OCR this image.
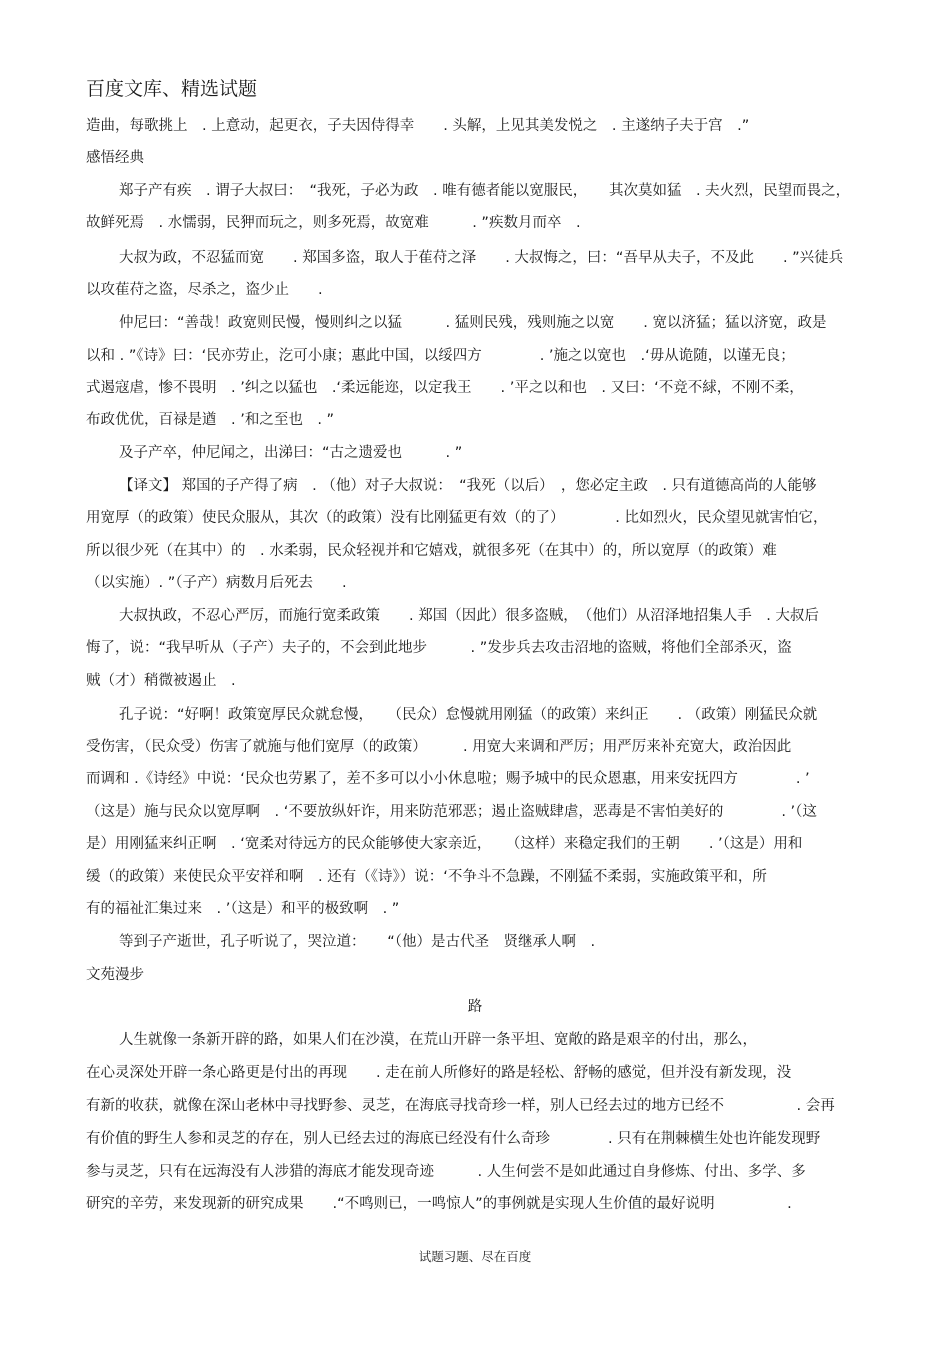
百度文库、精选试题
造曲，每歌挑上　. 上意动，起更衣，子夫因侍得幸　　. 头解，上见其美发悦之　. 主遂纳子夫于宫　.”
感悟经典
郑子产有疾　. 谓子大叔曰：　“我死，子必为政　. 唯有德者能以宽服民，　　其次莫如猛　. 夫火烈，民望而畏之，
故鲜死焉　. 水懦弱，民狎而玩之，则多死焉，故宽难　　　. ”疾数月而卒　.
大叔为政，不忍猛而宽　　. 郑国多盗，取人于萑苻之泽　　. 大叔悔之，曰：“吾早从夫子，不及此　　. ”兴徒兵
以攻萑苻之盗，尽杀之，盗少止　　.
仲尼曰：“善哉！政宽则民慢，慢则纠之以猛　　　. 猛则民残，残则施之以宽　　. 宽以济猛；猛以济宽，政是
以和 . ”《诗》曰：‘民亦劳止，汔可小康；惠此中国，以绥四方　　　　. ’施之以宽也　.‘毋从诡随，以谨无良；
式遏寇虐，惨不畏明　. ’纠之以猛也　.‘柔远能迩，以定我王　　. ’平之以和也　. 又曰：‘不竞不絿，不刚不柔，
布政优优，百禄是遒　. ’和之至也　. ”
及子产卒，仲尼闻之，出涕曰：“古之遗爱也　　　. ”
【译文】 郑国的子产得了病　. （他）对子大叔说：　“我死（以后）　，您必定主政　. 只有道德高尚的人能够
用宽厚（的政策）使民众服从，其次（的政策）没有比刚猛更有效（的了）　　　　. 比如烈火，民众望见就害怕它，
所以很少死（在其中）的　. 水柔弱，民众轻视并和它嬉戏，就很多死（在其中）的，所以宽厚（的政策）难
（以实施）. ”（子产）病数月后死去　　.
大叔执政，不忍心严厉，而施行宽柔政策　　. 郑国（因此）很多盗贼，　（他们）从沼泽地招集人手　. 大叔后
悔了，说：“我早听从（子产）夫子的，不会到此地步　　　. ”发步兵去攻击沼地的盗贼，将他们全部杀灭，盗
贼（才）稍微被遏止　.
孔子说：“好啊！政策宽厚民众就怠慢，　　（民众）怠慢就用刚猛（的政策）来纠正　　. （政策）刚猛民众就
受伤害，（民众受）伤害了就施与他们宽厚（的政策）　　　. 用宽大来调和严厉；用严厉来补充宽大，政治因此
而调和 .《诗经》中说：‘民众也劳累了，差不多可以小小休息啦；赐予城中的民众恩惠，用来安抚四方　　　　. ’
（这是）施与民众以宽厚啊　. ‘不要放纵奸诈，用来防范邪恶；遏止盗贼肆虐，恶毒是不害怕美好的　　　　. ’（这
是）用刚猛来纠正啊　. ‘宽柔对待远方的民众能够使大家亲近，　　（这样）来稳定我们的王朝　　. ’（这是）用和
缓（的政策）来使民众平安祥和啊　. 还有（《诗》）说：‘不争斗不急躁，不刚猛不柔弱，实施政策平和，所
有的福祉汇集过来　. ’（这是）和平的极致啊　. ”
等到子产逝世，孔子听说了，哭泣道：　　“（他）是古代圣　贤继承人啊　.
文苑漫步
路
人生就像一条新开辟的路，如果人们在沙漠，在荒山开辟一条平坦、宽敞的路是艰辛的付出，那么，
在心灵深处开辟一条心路更是付出的再现　　. 走在前人所修好的路是轻松、舒畅的感觉，但并没有新发现，没
有新的收获，就像在深山老林中寻找野参、灵芝，在海底寻找奇珍一样，别人已经去过的地方已经不　　　　　. 会再
有价值的野生人参和灵芝的存在，别人已经去过的海底已经没有什么奇珍　　　　. 只有在荆棘横生处也许能发现野
参与灵芝，只有在远海没有人涉猎的海底才能发现奇迹　　　. 人生何尝不是如此通过自身修炼、付出、多学、多
研究的辛劳，来发现新的研究成果　　.“不鸣则已，一鸣惊人”的事例就是实现人生价值的最好说明　　　　　.
试题习题、尽在百度
